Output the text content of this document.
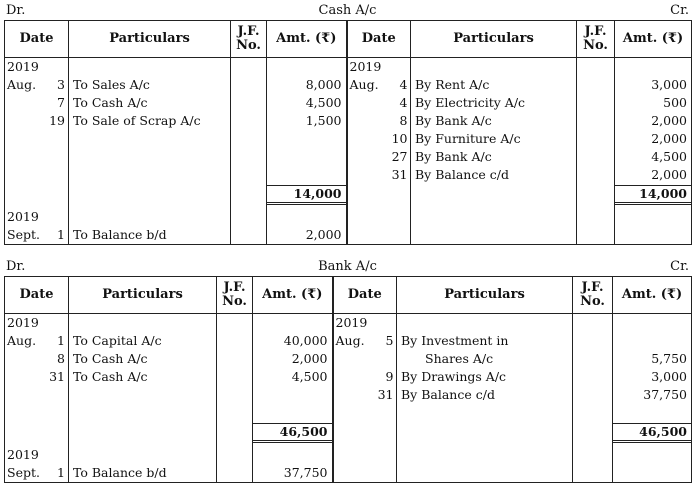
Dr.	Cash A/c	Cr.
Date	Particulars	J.F. No.	Amt. (₹)	Date	Particulars	J.F. No.	Amt. (₹)
2019				2019			
Aug. 3	To Sales A/c		8,000	Aug. 4	By Rent A/c		3,000
7	To Cash A/c		4,500	4	By Electricity A/c		500
19	To Sale of Scrap A/c		1,500	8	By Bank A/c		2,000
				10	By Furniture A/c		2,000
				27	By Bank A/c		4,500
				31	By Balance c/d		2,000

			14,000				14,000

2019							
Sept. 1	To Balance b/d		2,000				
Dr.	Bank A/c	Cr.
Date	Particulars	J.F. No.	Amt. (₹)	Date	Particulars	J.F. No.	Amt. (₹)
2019				2019			
Aug. 1	To Capital A/c		40,000	Aug. 5	By Investment in		
8	To Cash A/c		2,000		Shares A/c		5,750
31	To Cash A/c		4,500	9	By Drawings A/c		3,000
				31	By Balance c/d		37,750

			46,500				46,500

2019							
Sept. 1	To Balance b/d		37,750				
